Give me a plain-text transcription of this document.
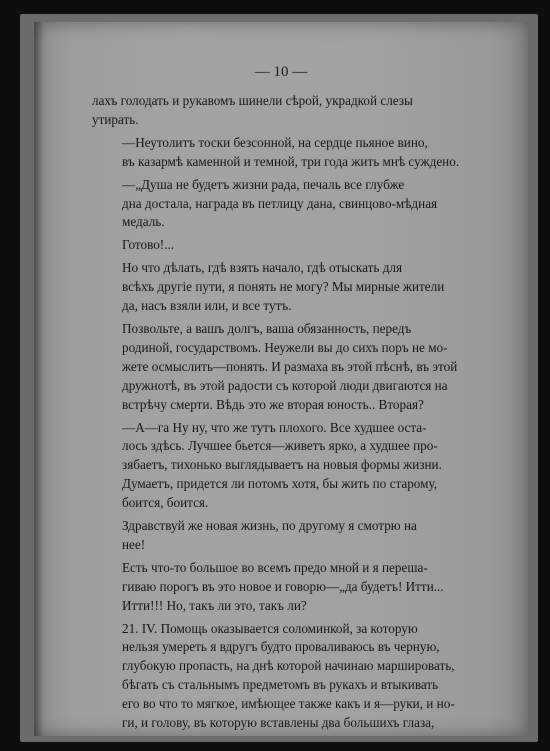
— 10 —

лахъ голодать и рукавомъ шинели сѣрой, украдкой слезы
утирать.

—Неутолитъ тоски безсонной, на сердце пьяное вино,
въ казармѣ каменной и темной, три года жить мнѣ суждено.

—„Душа не будетъ жизни рада, печаль все глубже
дна достала, награда въ петлицу дана, свинцово-мѣдная
медаль.

Готово!...

Но что дѣлать, гдѣ взять начало, гдѣ отыскать для
всѣхъ другіе пути, я понять не могу? Мы мирные жители
да, насъ взяли или, и все тутъ.

Позвольте, а вашъ долгъ, ваша обязанность, передъ
родиной, государствомъ. Неужели вы до сихъ поръ не мо-
жете осмыслить—понять. И размаха въ этой пѣснѣ, въ этой
дружнотѣ, въ этой радости съ которой люди двигаются на
встрѣчу смерти. Вѣдь это же вторая юность.. Вторая?

—А—га Ну ну, что же тутъ плохого. Все худшее оста-
лось здѣсь. Лучшее бьется—живетъ ярко, а худшее про-
зябаетъ, тихонько выглядываетъ на новыя формы жизни.
Думаетъ, придется ли потомъ хотя, бы жить по старому,
боится, боится.

Здравствуй же новая жизнь, по другому я смотрю на
нее!

Есть что-то большое во всемъ предо мной и я переша-
гиваю порогъ въ это новое и говорю—„да будетъ! Итти...
Итти!!! Но, такъ ли это, такъ ли?

21. IV. Помощь оказывается соломинкой, за которую
нельзя умереть я вдругъ будто проваливаюсь въ черную,
глубокую пропасть, на днѣ которой начинаю маршировать,
бѣгать съ стальнымъ предметомъ въ рукахъ и втыкивать
его во что то мягкое, имѣющее также какъ и я—руки, и но-
ги, и голову, въ которую вставлены два большихъ глаза,
